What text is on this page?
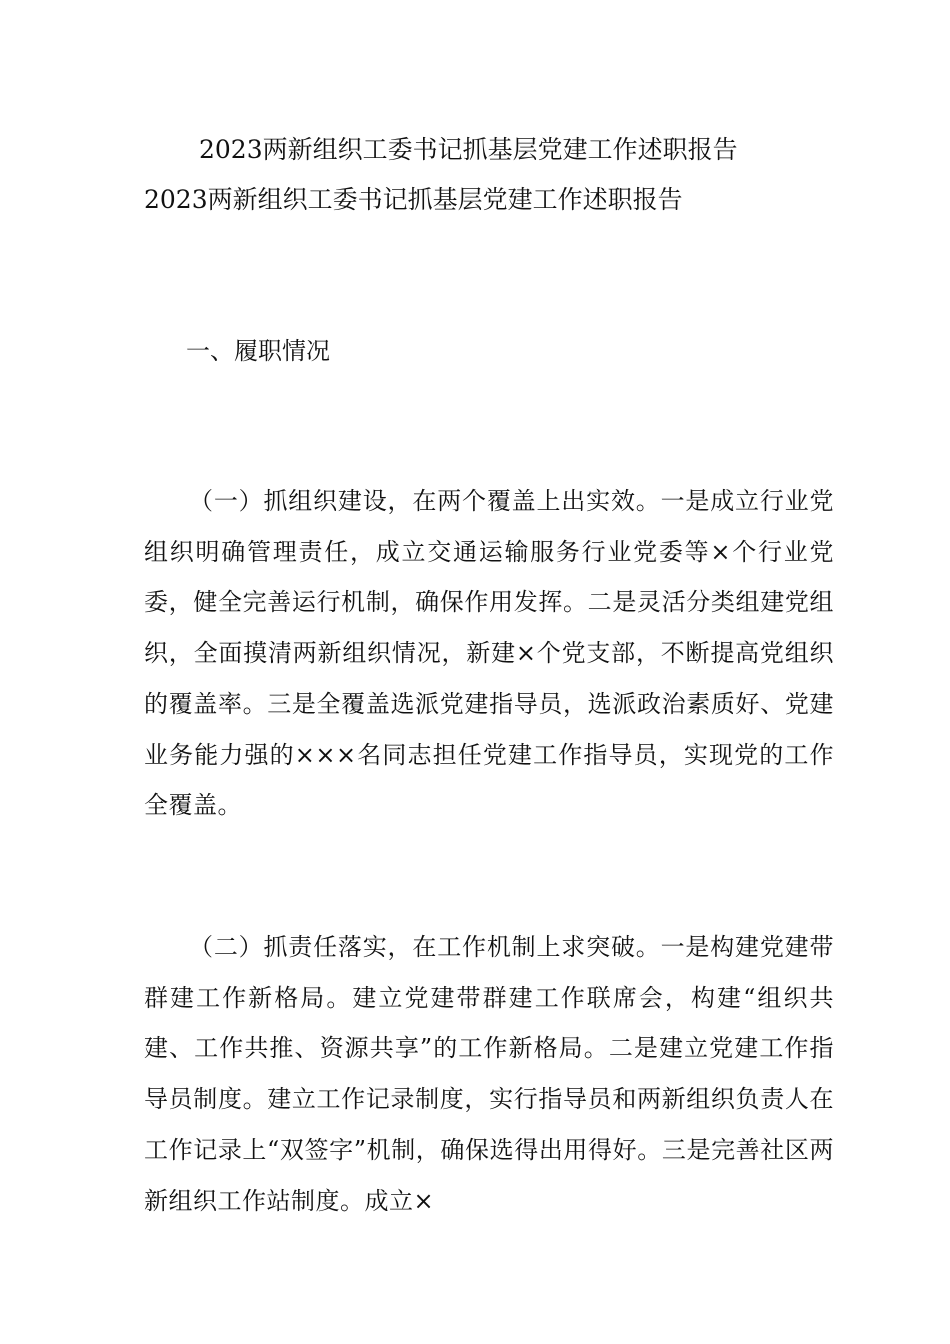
2023两新组织工委书记抓基层党建工作述职报告
2023两新组织工委书记抓基层党建工作述职报告
一、履职情况

（一）抓组织建设，在两个覆盖上出实效。一是成立行业党组织明确管理责任，成立交通运输服务行业党委等×个行业党委，健全完善运行机制，确保作用发挥。二是灵活分类组建党组织，全面摸清两新组织情况，新建×个党支部，不断提高党组织的覆盖率。三是全覆盖选派党建指导员，选派政治素质好、党建业务能力强的×××名同志担任党建工作指导员，实现党的工作全覆盖。

（二）抓责任落实，在工作机制上求突破。一是构建党建带群建工作新格局。建立党建带群建工作联席会，构建“组织共建、工作共推、资源共享”的工作新格局。二是建立党建工作指导员制度。建立工作记录制度，实行指导员和两新组织负责人在工作记录上“双签字”机制，确保选得出用得好。三是完善社区两新组织工作站制度。成立×
